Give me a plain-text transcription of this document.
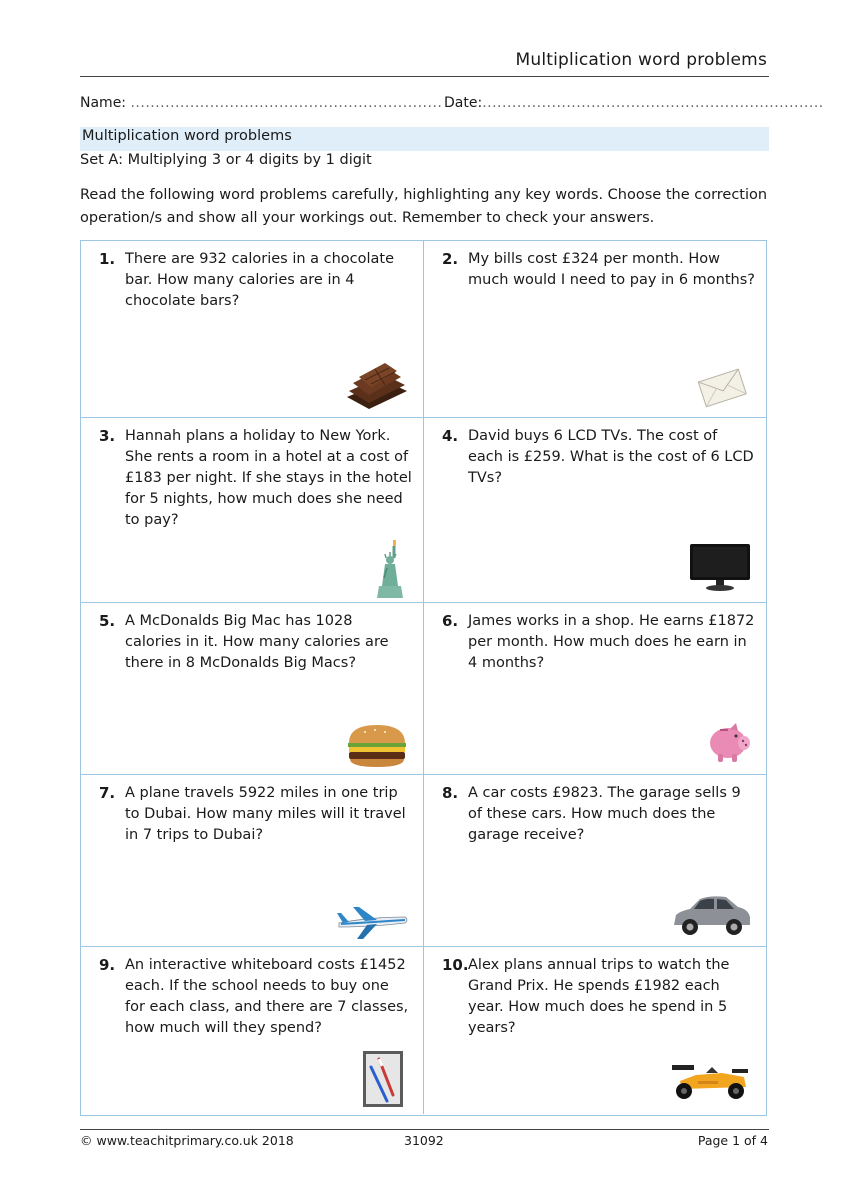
Multiplication word problems
Name: ............................................................... Date:.....................................................................
Multiplication word problems
Set A: Multiplying 3 or 4 digits by 1 digit
Read the following word problems carefully, highlighting any key words. Choose the correction operation/s and show all your workings out. Remember to check your answers.
1. There are 932 calories in a chocolate bar. How many calories are in 4 chocolate bars?
2. My bills cost £324 per month. How much would I need to pay in 6 months?
3. Hannah plans a holiday to New York. She rents a room in a hotel at a cost of £183 per night. If she stays in the hotel for 5 nights, how much does she need to pay?
4. David buys 6 LCD TVs. The cost of each is £259. What is the cost of 6 LCD TVs?
5. A McDonalds Big Mac has 1028 calories in it. How many calories are there in 8 McDonalds Big Macs?
6. James works in a shop. He earns £1872 per month. How much does he earn in 4 months?
7. A plane travels 5922 miles in one trip to Dubai. How many miles will it travel in 7 trips to Dubai?
8. A car costs £9823. The garage sells 9 of these cars. How much does the garage receive?
9. An interactive whiteboard costs £1452 each. If the school needs to buy one for each class, and there are 7 classes, how much will they spend?
10. Alex plans annual trips to watch the Grand Prix. He spends £1982 each year. How much does he spend in 5 years?
© www.teachitprimary.co.uk 2018	31092	Page 1 of 4
